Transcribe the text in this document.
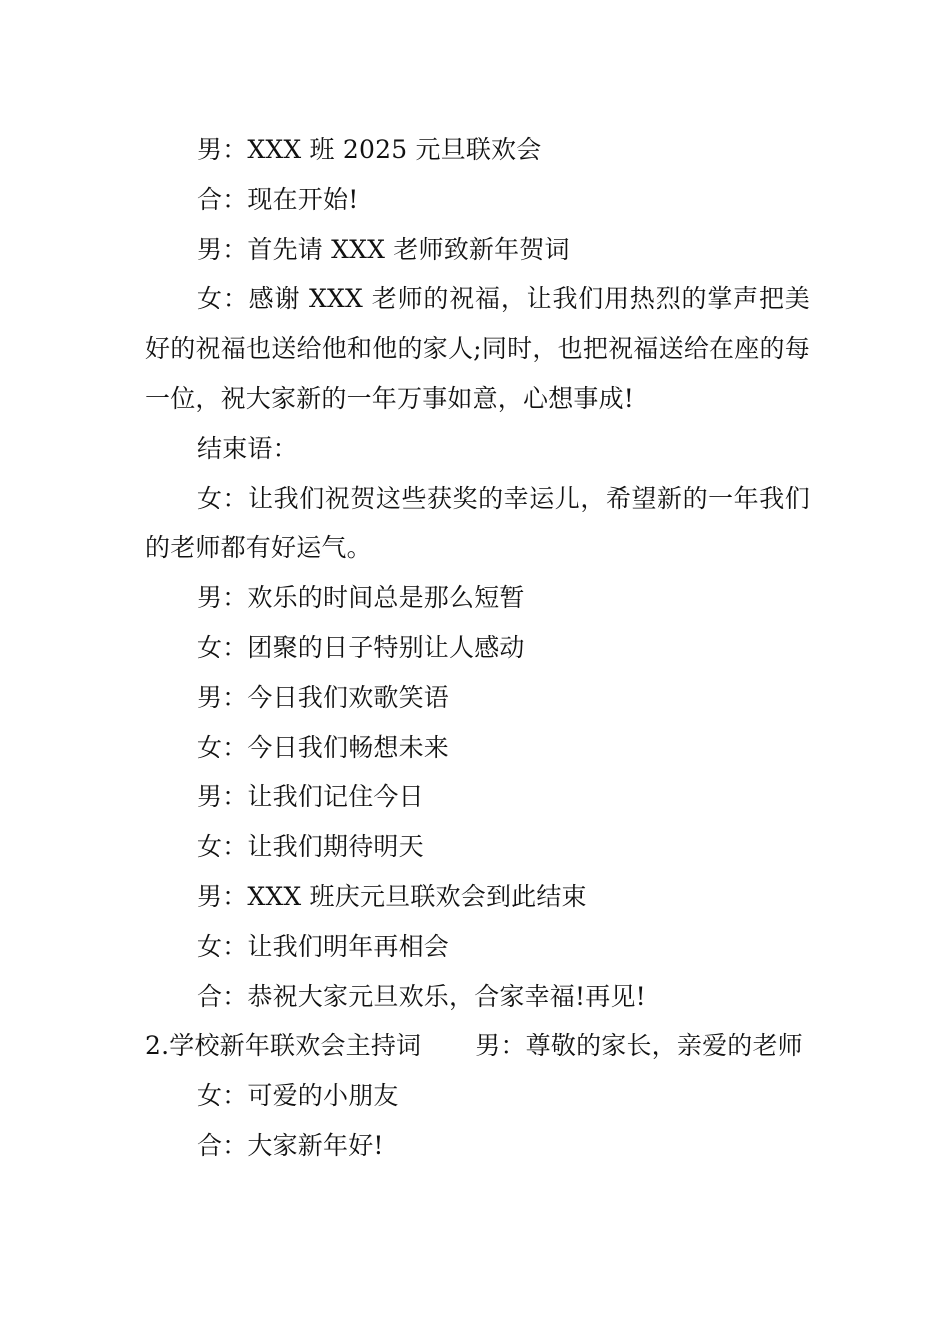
男：XXX 班 2025 元旦联欢会
合：现在开始!
男：首先请 XXX 老师致新年贺词
女：感谢 XXX 老师的祝福，让我们用热烈的掌声把美好的祝福也送给他和他的家人;同时，也把祝福送给在座的每一位，祝大家新的一年万事如意，心想事成!
结束语：
女：让我们祝贺这些获奖的幸运儿，希望新的一年我们的老师都有好运气。
男：欢乐的时间总是那么短暂
女：团聚的日子特别让人感动
男：今日我们欢歌笑语
女：今日我们畅想未来
男：让我们记住今日
女：让我们期待明天
男：XXX 班庆元旦联欢会到此结束
女：让我们明年再相会
合：恭祝大家元旦欢乐，合家幸福!再见!
2.学校新年联欢会主持词 男：尊敬的家长，亲爱的老师
女：可爱的小朋友
合：大家新年好!
